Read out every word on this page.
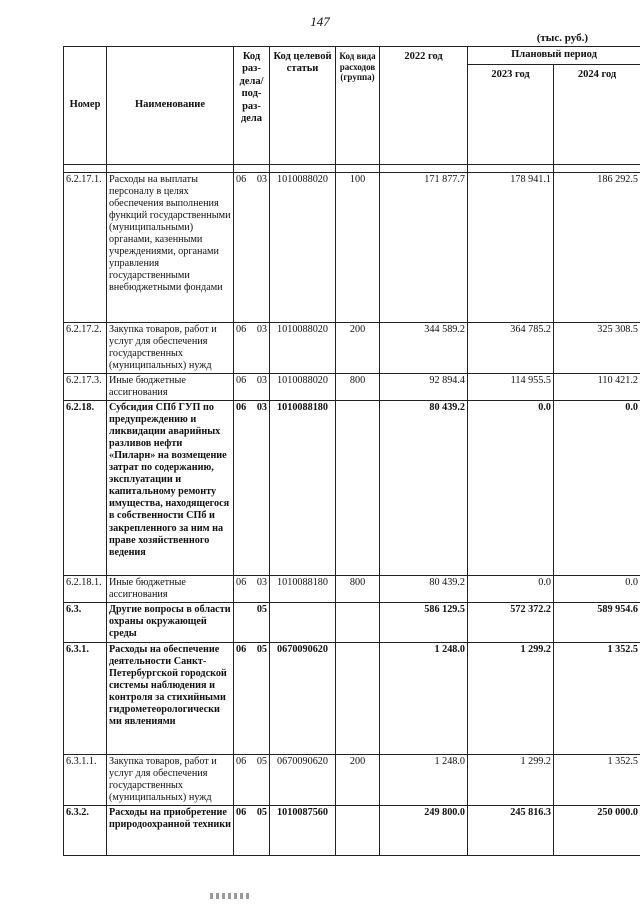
147
(тыс. руб.)
Номер	Наименование	Код раз-дела/ под-раз-дела		Код целевой статьи	Код вида расходов (группа)	2022 год	Плановый период	
							2023 год	2024 год

6.2.17.1.	Расходы на выплаты персоналу в целях обеспечения выполнения функций государственными (муниципальными) органами, казенными учреждениями, органами управления государственными внебюджетными фондами	06	03	1010088020	100	171 877.7	178 941.1	186 292.5
6.2.17.2.	Закупка товаров, работ и услуг для обеспечения государственных (муниципальных) нужд	06	03	1010088020	200	344 589.2	364 785.2	325 308.5
6.2.17.3.	Иные бюджетные ассигнования	06	03	1010088020	800	92 894.4	114 955.5	110 421.2
6.2.18.	Субсидия СПб ГУП по предупреждению и ликвидации аварийных разливов нефти «Пиларн» на возмещение затрат по содержанию, эксплуатации и капитальному ремонту имущества, находящегося в собственности СПб и закрепленного за ним на праве хозяйственного ведения	06	03	1010088180		80 439.2	0.0	0.0
6.2.18.1.	Иные бюджетные ассигнования	06	03	1010088180	800	80 439.2	0.0	0.0
6.3.	Другие вопросы в области охраны окружающей среды		05			586 129.5	572 372.2	589 954.6
6.3.1.	Расходы на обеспечение деятельности Санкт-Петербургской городской системы наблюдения и контроля за стихийными гидрометеорологически ми явлениями	06	05	0670090620		1 248.0	1 299.2	1 352.5
6.3.1.1.	Закупка товаров, работ и услуг для обеспечения государственных (муниципальных) нужд	06	05	0670090620	200	1 248.0	1 299.2	1 352.5
6.3.2.	Расходы на приобретение природоохранной техники	06	05	1010087560		249 800.0	245 816.3	250 000.0
